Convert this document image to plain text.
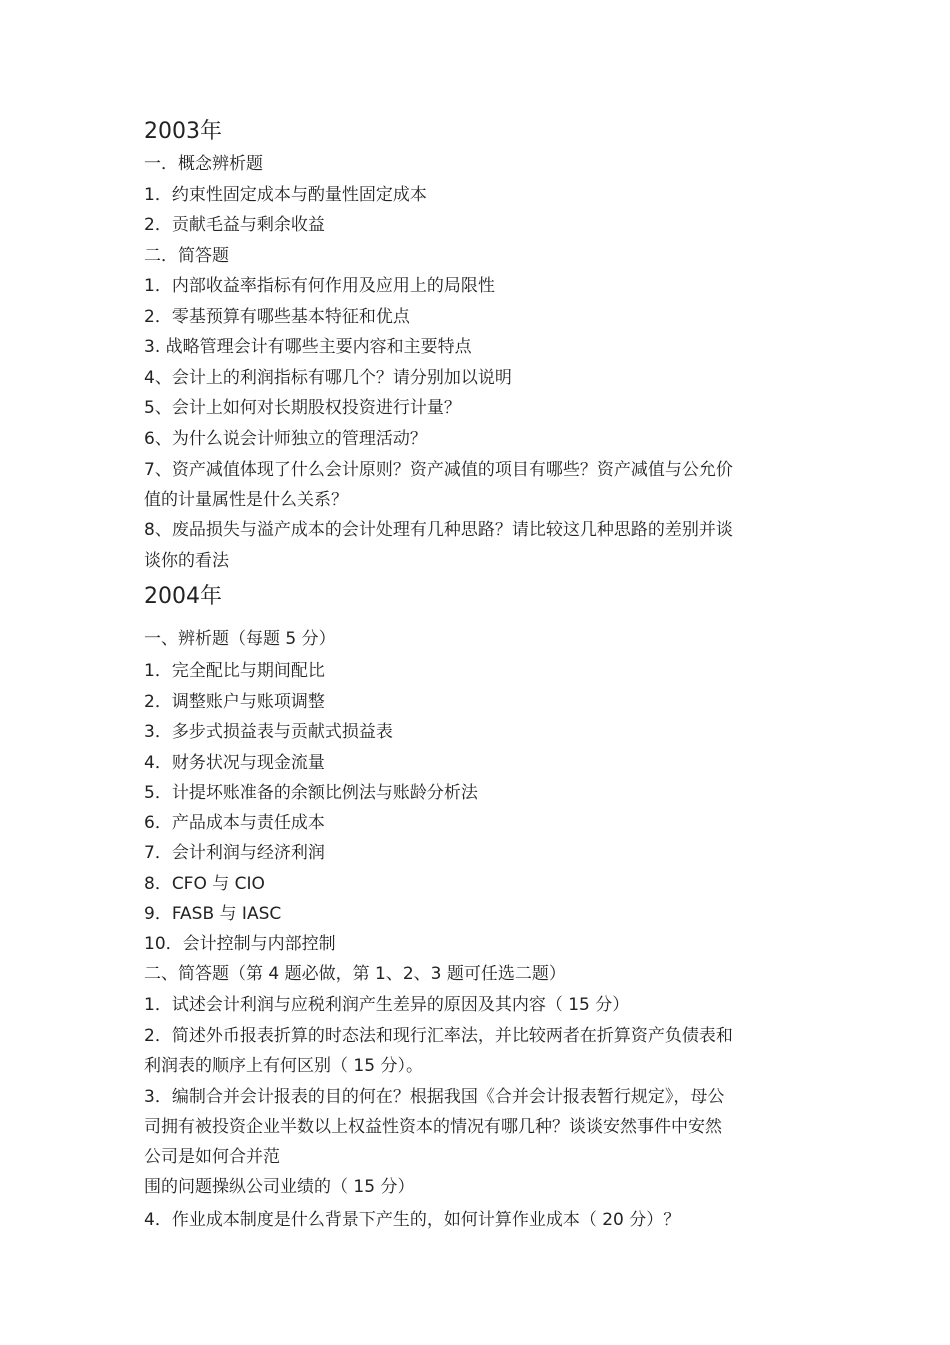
2003年
一．概念辨析题
1．约束性固定成本与酌量性固定成本
2．贡献毛益与剩余收益
二．简答题
1．内部收益率指标有何作用及应用上的局限性
2．零基预算有哪些基本特征和优点
3. 战略管理会计有哪些主要内容和主要特点
4、会计上的利润指标有哪几个？请分别加以说明
5、会计上如何对长期股权投资进行计量？
6、为什么说会计师独立的管理活动？
7、资产减值体现了什么会计原则？资产减值的项目有哪些？资产减值与公允价
值的计量属性是什么关系？
8、废品损失与溢产成本的会计处理有几种思路？请比较这几种思路的差别并谈
谈你的看法
2004年
一、辨析题（每题 5 分）
1．完全配比与期间配比
2．调整账户与账项调整
3．多步式损益表与贡献式损益表
4．财务状况与现金流量
5．计提坏账准备的余额比例法与账龄分析法
6．产品成本与责任成本
7．会计利润与经济利润
8．CFO 与 CIO
9．FASB 与 IASC
10．会计控制与内部控制
二、简答题（第 4 题必做，第 1、2、3 题可任选二题）
1．试述会计利润与应税利润产生差异的原因及其内容（ 15 分）
2．简述外币报表折算的时态法和现行汇率法，并比较两者在折算资产负债表和
利润表的顺序上有何区别（ 15 分）。
3．编制合并会计报表的目的何在？根据我国《合并会计报表暂行规定》，母公
司拥有被投资企业半数以上权益性资本的情况有哪几种？谈谈安然事件中安然
公司是如何合并范
围的问题操纵公司业绩的（ 15 分）
4．作业成本制度是什么背景下产生的，如何计算作业成本（ 20 分）？
